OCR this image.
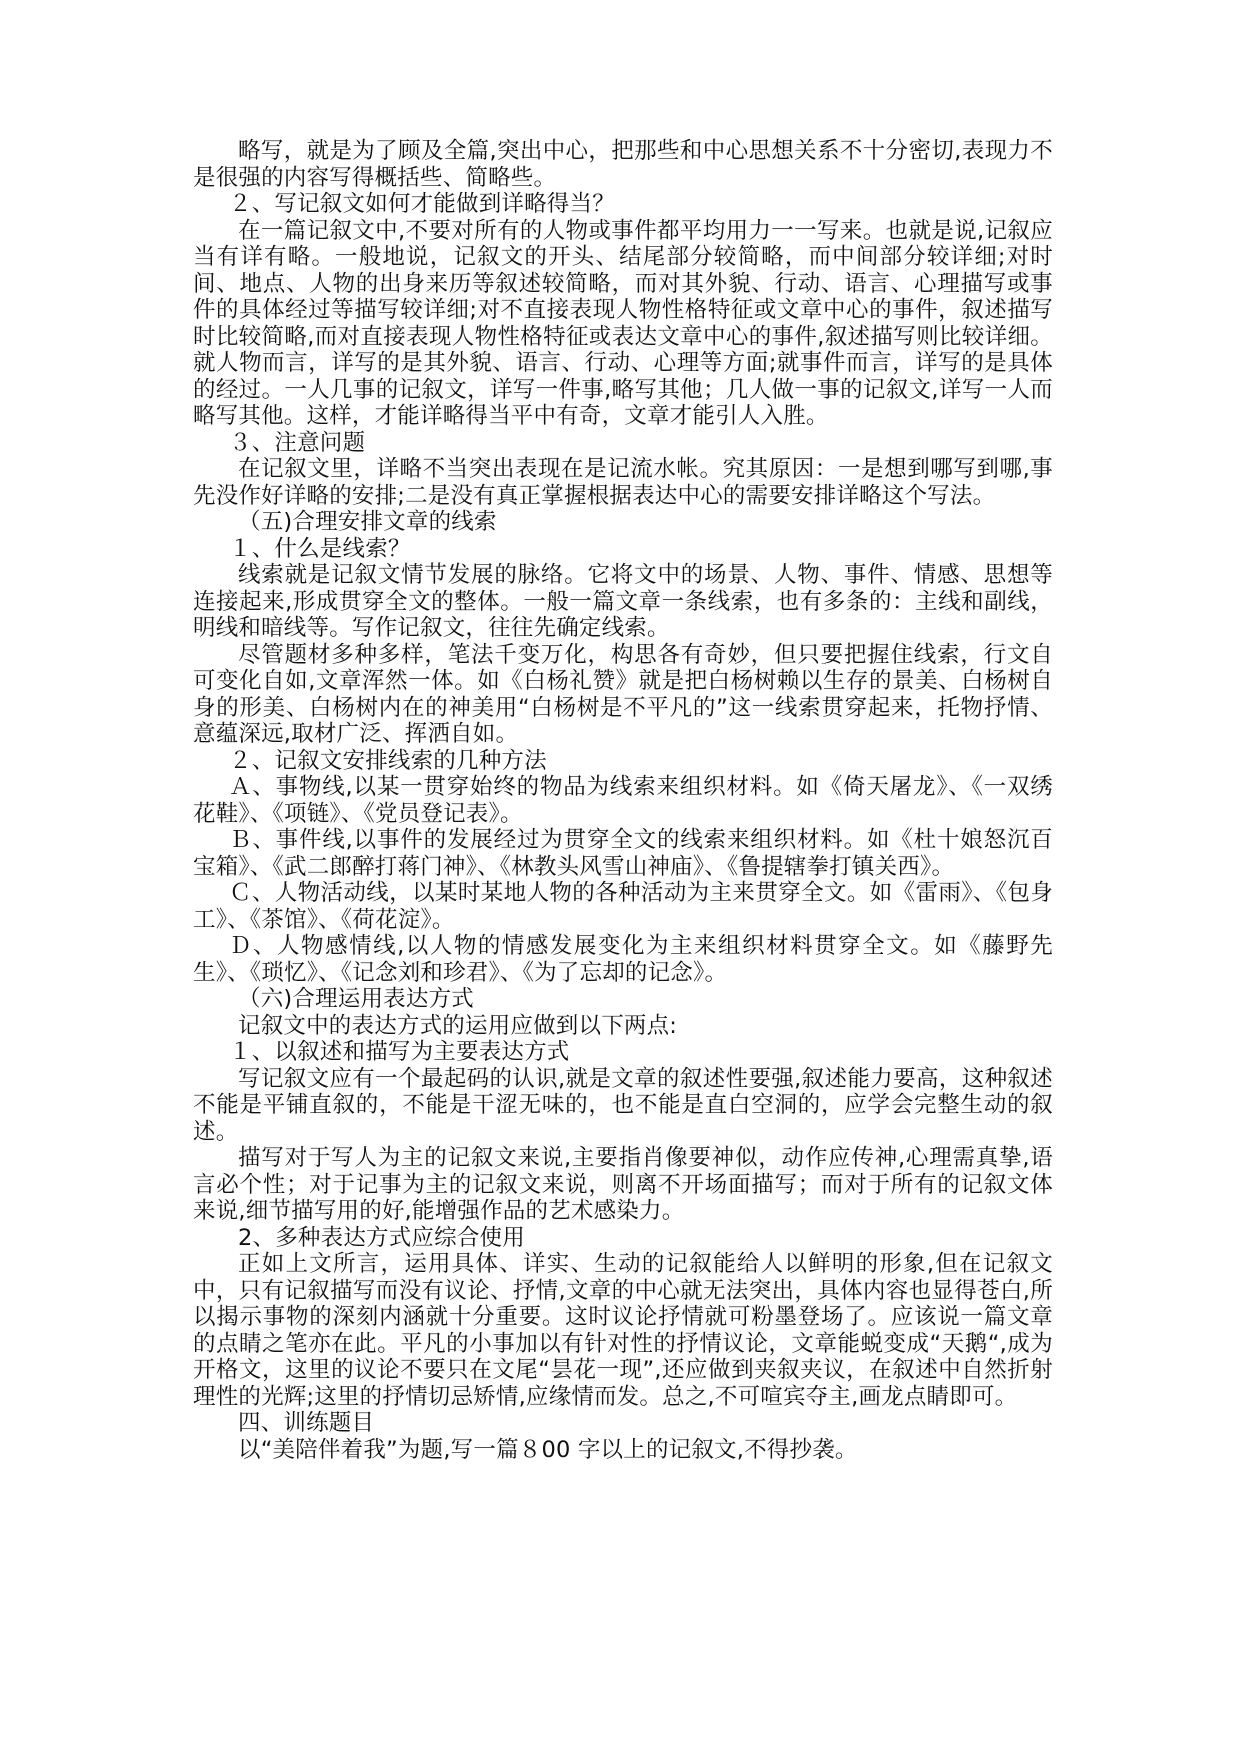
略写，就是为了顾及全篇,突出中心，把那些和中心思想关系不十分密切,表现力不是很强的内容写得概括些、简略些。

２、写记叙文如何才能做到详略得当？

在一篇记叙文中,不要对所有的人物或事件都平均用力一一写来。也就是说,记叙应当有详有略。一般地说，记叙文的开头、结尾部分较简略，而中间部分较详细;对时间、地点、人物的出身来历等叙述较简略，而对其外貌、行动、语言、心理描写或事件的具体经过等描写较详细;对不直接表现人物性格特征或文章中心的事件，叙述描写时比较简略,而对直接表现人物性格特征或表达文章中心的事件,叙述描写则比较详细。就人物而言，详写的是其外貌、语言、行动、心理等方面;就事件而言，详写的是具体的经过。一人几事的记叙文，详写一件事,略写其他；几人做一事的记叙文,详写一人而略写其他。这样，才能详略得当平中有奇，文章才能引人入胜。

３、注意问题

在记叙文里，详略不当突出表现在是记流水帐。究其原因：一是想到哪写到哪,事先没作好详略的安排;二是没有真正掌握根据表达中心的需要安排详略这个写法。

（五)合理安排文章的线索

１、什么是线索？

线索就是记叙文情节发展的脉络。它将文中的场景、人物、事件、情感、思想等连接起来,形成贯穿全文的整体。一般一篇文章一条线索，也有多条的：主线和副线，明线和暗线等。写作记叙文，往往先确定线索。

尽管题材多种多样，笔法千变万化，构思各有奇妙，但只要把握住线索，行文自可变化自如,文章浑然一体。如《白杨礼赞》就是把白杨树赖以生存的景美、白杨树自身的形美、白杨树内在的神美用“白杨树是不平凡的”这一线索贯穿起来，托物抒情、意蕴深远,取材广泛、挥洒自如。

２、记叙文安排线索的几种方法

Ａ、事物线,以某一贯穿始终的物品为线索来组织材料。如《倚天屠龙》、《一双绣花鞋》、《项链》、《党员登记表》。

Ｂ、事件线,以事件的发展经过为贯穿全文的线索来组织材料。如《杜十娘怒沉百宝箱》、《武二郎醉打蒋门神》、《林教头风雪山神庙》、《鲁提辖拳打镇关西》。

Ｃ、人物活动线，以某时某地人物的各种活动为主来贯穿全文。如《雷雨》、《包身工》、《茶馆》、《荷花淀》。

Ｄ、人物感情线,以人物的情感发展变化为主来组织材料贯穿全文。如《藤野先生》、《琐忆》、《记念刘和珍君》、《为了忘却的记念》。

（六)合理运用表达方式

记叙文中的表达方式的运用应做到以下两点:

１、以叙述和描写为主要表达方式

写记叙文应有一个最起码的认识,就是文章的叙述性要强,叙述能力要高，这种叙述不能是平铺直叙的，不能是干涩无味的，也不能是直白空洞的，应学会完整生动的叙述。

描写对于写人为主的记叙文来说,主要指肖像要神似，动作应传神,心理需真挚,语言必个性；对于记事为主的记叙文来说，则离不开场面描写；而对于所有的记叙文体来说,细节描写用的好,能增强作品的艺术感染力。

2、多种表达方式应综合使用

正如上文所言，运用具体、详实、生动的记叙能给人以鲜明的形象,但在记叙文中，只有记叙描写而没有议论、抒情,文章的中心就无法突出，具体内容也显得苍白,所以揭示事物的深刻内涵就十分重要。这时议论抒情就可粉墨登场了。应该说一篇文章的点睛之笔亦在此。平凡的小事加以有针对性的抒情议论，文章能蜕变成“天鹅“,成为开格文，这里的议论不要只在文尾“昙花一现”,还应做到夹叙夹议，在叙述中自然折射理性的光辉;这里的抒情切忌矫情,应缘情而发。总之,不可喧宾夺主,画龙点睛即可。

四、训练题目

以“美陪伴着我”为题,写一篇８00 字以上的记叙文,不得抄袭。
